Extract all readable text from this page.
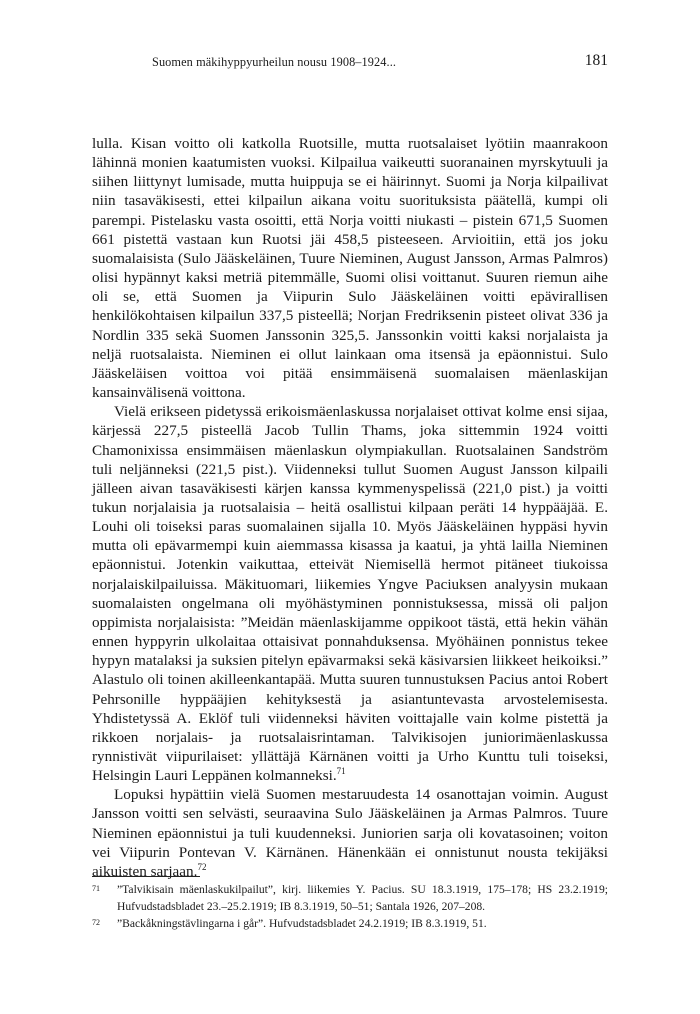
Suomen mäkihyppyurheilun nousu 1908–1924...	181

lulla. Kisan voitto oli katkolla Ruotsille, mutta ruotsalaiset lyötiin maanrakoon lähinnä monien kaatumisten vuoksi. Kilpailua vaikeutti suoranainen myrskytuuli ja siihen liittynyt lumisade, mutta huippuja se ei häirinnyt. Suomi ja Norja kilpailivat niin tasaväkisesti, ettei kilpailun aikana voitu suorituksista päätellä, kumpi oli parempi. Pistelasku vasta osoitti, että Norja voitti niukasti – pistein 671,5 Suomen 661 pistettä vastaan kun Ruotsi jäi 458,5 pisteeseen. Arvioitiin, että jos joku suomalaisista (Sulo Jääskeläinen, Tuure Nieminen, August Jansson, Armas Palmros) olisi hypännyt kaksi metriä pitemmälle, Suomi olisi voittanut. Suuren riemun aihe oli se, että Suomen ja Viipurin Sulo Jääskeläinen voitti epävirallisen henkilökohtaisen kilpailun 337,5 pisteellä; Norjan Fredriksenin pisteet olivat 336 ja Nordlin 335 sekä Suomen Janssonin 325,5. Janssonkin voitti kaksi norjalaista ja neljä ruotsalaista. Nieminen ei ollut lainkaan oma itsensä ja epäonnistui. Sulo Jääskeläisen voittoa voi pitää ensimmäisenä suomalaisen mäenlaskijan kansainvälisenä voittona.

Vielä erikseen pidetyssä erikoismäenlaskussa norjalaiset ottivat kolme ensi sijaa, kärjessä 227,5 pisteellä Jacob Tullin Thams, joka sittemmin 1924 voitti Chamonixissa ensimmäisen mäenlaskun olympiakullan. Ruotsalainen Sandström tuli neljänneksi (221,5 pist.). Viidenneksi tullut Suomen August Jansson kilpaili jälleen aivan tasaväkisesti kärjen kanssa kymmenyspelissä (221,0 pist.) ja voitti tukun norjalaisia ja ruotsalaisia – heitä osallistui kilpaan peräti 14 hyppääjää. E. Louhi oli toiseksi paras suomalainen sijalla 10. Myös Jääskeläinen hyppäsi hyvin mutta oli epävarmempi kuin aiemmassa kisassa ja kaatui, ja yhtä lailla Nieminen epäonnistui. Jotenkin vaikuttaa, etteivät Niemisellä hermot pitäneet tiukoissa norjalaiskilpailuissa. Mäkituomari, liikemies Yngve Paciuksen analyysin mukaan suomalaisten ongelmana oli myöhästyminen ponnistuksessa, missä oli paljon oppimista norjalaisista: ”Meidän mäenlaskijamme oppikoot tästä, että hekin vähän ennen hyppyrin ulkolaitaa ottaisivat ponnahduksensa. Myöhäinen ponnistus tekee hypyn matalaksi ja suksien pitelyn epävarmaksi sekä käsivarsien liikkeet heikoiksi.” Alastulo oli toinen akilleenkantapää. Mutta suuren tunnustuksen Pacius antoi Robert Pehrsonille hyppääjien kehityksestä ja asiantuntevasta arvostelemisesta. Yhdistetyssä A. Eklöf tuli viidenneksi häviten voittajalle vain kolme pistettä ja rikkoen norjalais- ja ruotsalaisrintaman. Talvikisojen juniorimäenlaskussa rynnistivät viipurilaiset: yllättäjä Kärnänen voitti ja Urho Kunttu tuli toiseksi, Helsingin Lauri Leppänen kolmanneksi.$^{71}$

Lopuksi hypättiin vielä Suomen mestaruudesta 14 osanottajan voimin. August Jansson voitti sen selvästi, seuraavina Sulo Jääskeläinen ja Armas Palmros. Tuure Nieminen epäonnistui ja tuli kuudenneksi. Juniorien sarja oli kovatasoinen; voiton vei Viipurin Pontevan V. Kärnänen. Hänenkään ei onnistunut nousta tekijäksi aikuisten sarjaan.$^{72}$

71	”Talvikisain mäenlaskukilpailut”, kirj. liikemies Y. Pacius. SU 18.3.1919, 175–178; HS 23.2.1919; Hufvudstadsbladet 23.–25.2.1919; IB 8.3.1919, 50–51; Santala 1926, 207–208.
72	”Backåkningstävlingarna i går”. Hufvudstadsbladet 24.2.1919; IB 8.3.1919, 51.
